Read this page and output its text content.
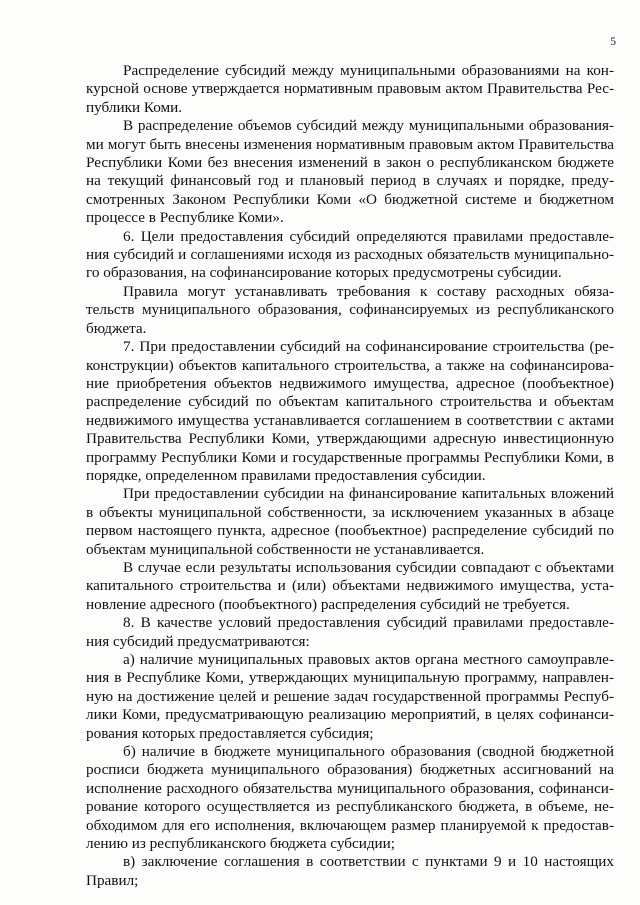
5

Распределение субсидий между муниципальными образованиями на конкурсной основе утверждается нормативным правовым актом Правительства Республики Коми.

В распределение объемов субсидий между муниципальными образованиями могут быть внесены изменения нормативным правовым актом Правительства Республики Коми без внесения изменений в закон о республиканском бюджете на текущий финансовый год и плановый период в случаях и порядке, предусмотренных Законом Республики Коми «О бюджетной системе и бюджетном процессе в Республике Коми».

6. Цели предоставления субсидий определяются правилами предоставления субсидий и соглашениями исходя из расходных обязательств муниципального образования, на софинансирование которых предусмотрены субсидии.

Правила могут устанавливать требования к составу расходных обязательств муниципального образования, софинансируемых из республиканского бюджета.

7. При предоставлении субсидий на софинансирование строительства (реконструкции) объектов капитального строительства, а также на софинансирование приобретения объектов недвижимого имущества, адресное (пообъектное) распределение субсидий по объектам капитального строительства и объектам недвижимого имущества устанавливается соглашением в соответствии с актами Правительства Республики Коми, утверждающими адресную инвестиционную программу Республики Коми и государственные программы Республики Коми, в порядке, определенном правилами предоставления субсидии.

При предоставлении субсидии на финансирование капитальных вложений в объекты муниципальной собственности, за исключением указанных в абзаце первом настоящего пункта, адресное (пообъектное) распределение субсидий по объектам муниципальной собственности не устанавливается.

В случае если результаты использования субсидии совпадают с объектами капитального строительства и (или) объектами недвижимого имущества, установление адресного (пообъектного) распределения субсидий не требуется.

8. В качестве условий предоставления субсидий правилами предоставления субсидий предусматриваются:

а) наличие муниципальных правовых актов органа местного самоуправления в Республике Коми, утверждающих муниципальную программу, направленную на достижение целей и решение задач государственной программы Республики Коми, предусматривающую реализацию мероприятий, в целях софинансирования которых предоставляется субсидия;

б) наличие в бюджете муниципального образования (сводной бюджетной росписи бюджета муниципального образования) бюджетных ассигнований на исполнение расходного обязательства муниципального образования, софинансирование которого осуществляется из республиканского бюджета, в объеме, необходимом для его исполнения, включающем размер планируемой к предоставлению из республиканского бюджета субсидии;

в) заключение соглашения в соответствии с пунктами 9 и 10 настоящих Правил;
